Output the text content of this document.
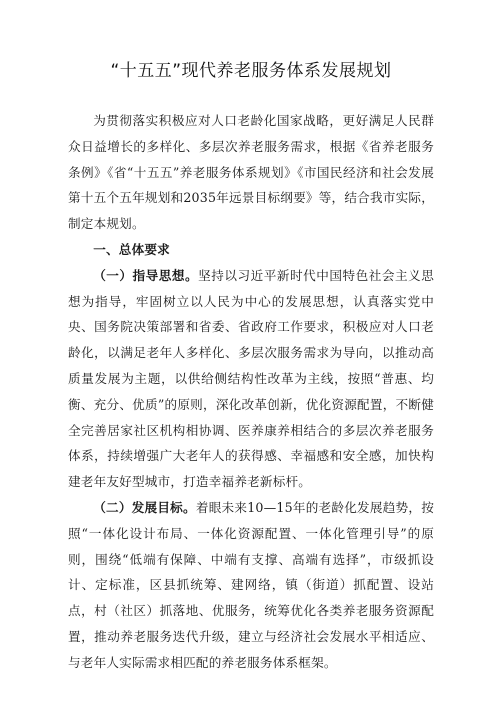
“十五五”现代养老服务体系发展规划

为贯彻落实积极应对人口老龄化国家战略，更好满足人民群众日益增长的多样化、多层次养老服务需求，根据《省养老服务条例》《省“十五五”养老服务体系规划》《市国民经济和社会发展第十五个五年规划和2035年远景目标纲要》等，结合我市实际，制定本规划。

一、总体要求

（一）指导思想。坚持以习近平新时代中国特色社会主义思想为指导，牢固树立以人民为中心的发展思想，认真落实党中央、国务院决策部署和省委、省政府工作要求，积极应对人口老龄化，以满足老年人多样化、多层次服务需求为导向，以推动高质量发展为主题，以供给侧结构性改革为主线，按照“普惠、均衡、充分、优质”的原则，深化改革创新，优化资源配置，不断健全完善居家社区机构相协调、医养康养相结合的多层次养老服务体系，持续增强广大老年人的获得感、幸福感和安全感，加快构建老年友好型城市，打造幸福养老新标杆。

（二）发展目标。着眼未来10—15年的老龄化发展趋势，按照“一体化设计布局、一体化资源配置、一体化管理引导”的原则，围绕“低端有保障、中端有支撑、高端有选择”，市级抓设计、定标准，区县抓统筹、建网络，镇（街道）抓配置、设站点，村（社区）抓落地、优服务，统筹优化各类养老服务资源配置，推动养老服务迭代升级，建立与经济社会发展水平相适应、与老年人实际需求相匹配的养老服务体系框架。
